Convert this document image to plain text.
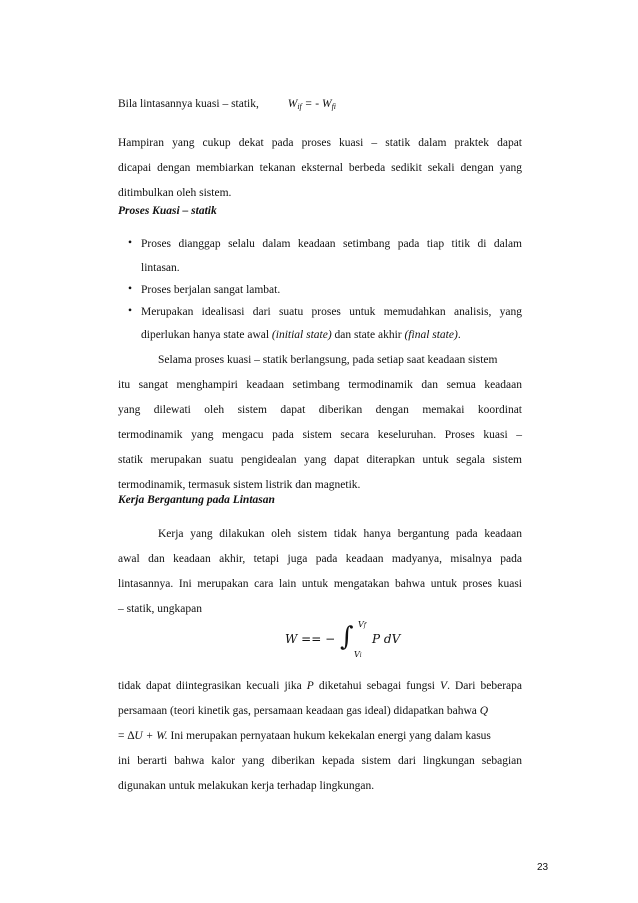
Bila lintasannya kuasi – statik,	$W_{if}$ = - $W_{fi}$
Hampiran yang cukup dekat pada proses kuasi – statik dalam praktek dapat
dicapai dengan membiarkan tekanan eksternal berbeda sedikit sekali dengan yang
ditimbulkan oleh sistem.
Proses Kuasi – statik
• Proses dianggap selalu dalam keadaan setimbang pada tiap titik di dalam
lintasan.
• Proses berjalan sangat lambat.
• Merupakan idealisasi dari suatu proses untuk memudahkan analisis, yang
diperlukan hanya state awal (initial state) dan state akhir (final state).
Selama proses kuasi – statik berlangsung, pada setiap saat keadaan sistem
itu sangat menghampiri keadaan setimbang termodinamik dan semua keadaan
yang dilewati oleh sistem dapat diberikan dengan memakai koordinat
termodinamik yang mengacu pada sistem secara keseluruhan. Proses kuasi –
statik merupakan suatu pengidealan yang dapat diterapkan untuk segala sistem
termodinamik, termasuk sistem listrik dan magnetik.
Kerja Bergantung pada Lintasan
Kerja yang dilakukan oleh sistem tidak hanya bergantung pada keadaan
awal dan keadaan akhir, tetapi juga pada keadaan madyanya, misalnya pada
lintasannya. Ini merupakan cara lain untuk mengatakan bahwa untuk proses kuasi
– statik, ungkapan
W == − ∫ Vf
Vi
P dV
tidak dapat diintegrasikan kecuali jika P diketahui sebagai fungsi V. Dari beberapa
persamaan (teori kinetik gas, persamaan keadaan gas ideal) didapatkan bahwa Q
= ∆U + W. Ini merupakan pernyataan hukum kekekalan energi yang dalam kasus
ini berarti bahwa kalor yang diberikan kepada sistem dari lingkungan sebagian
digunakan untuk melakukan kerja terhadap lingkungan.
23
